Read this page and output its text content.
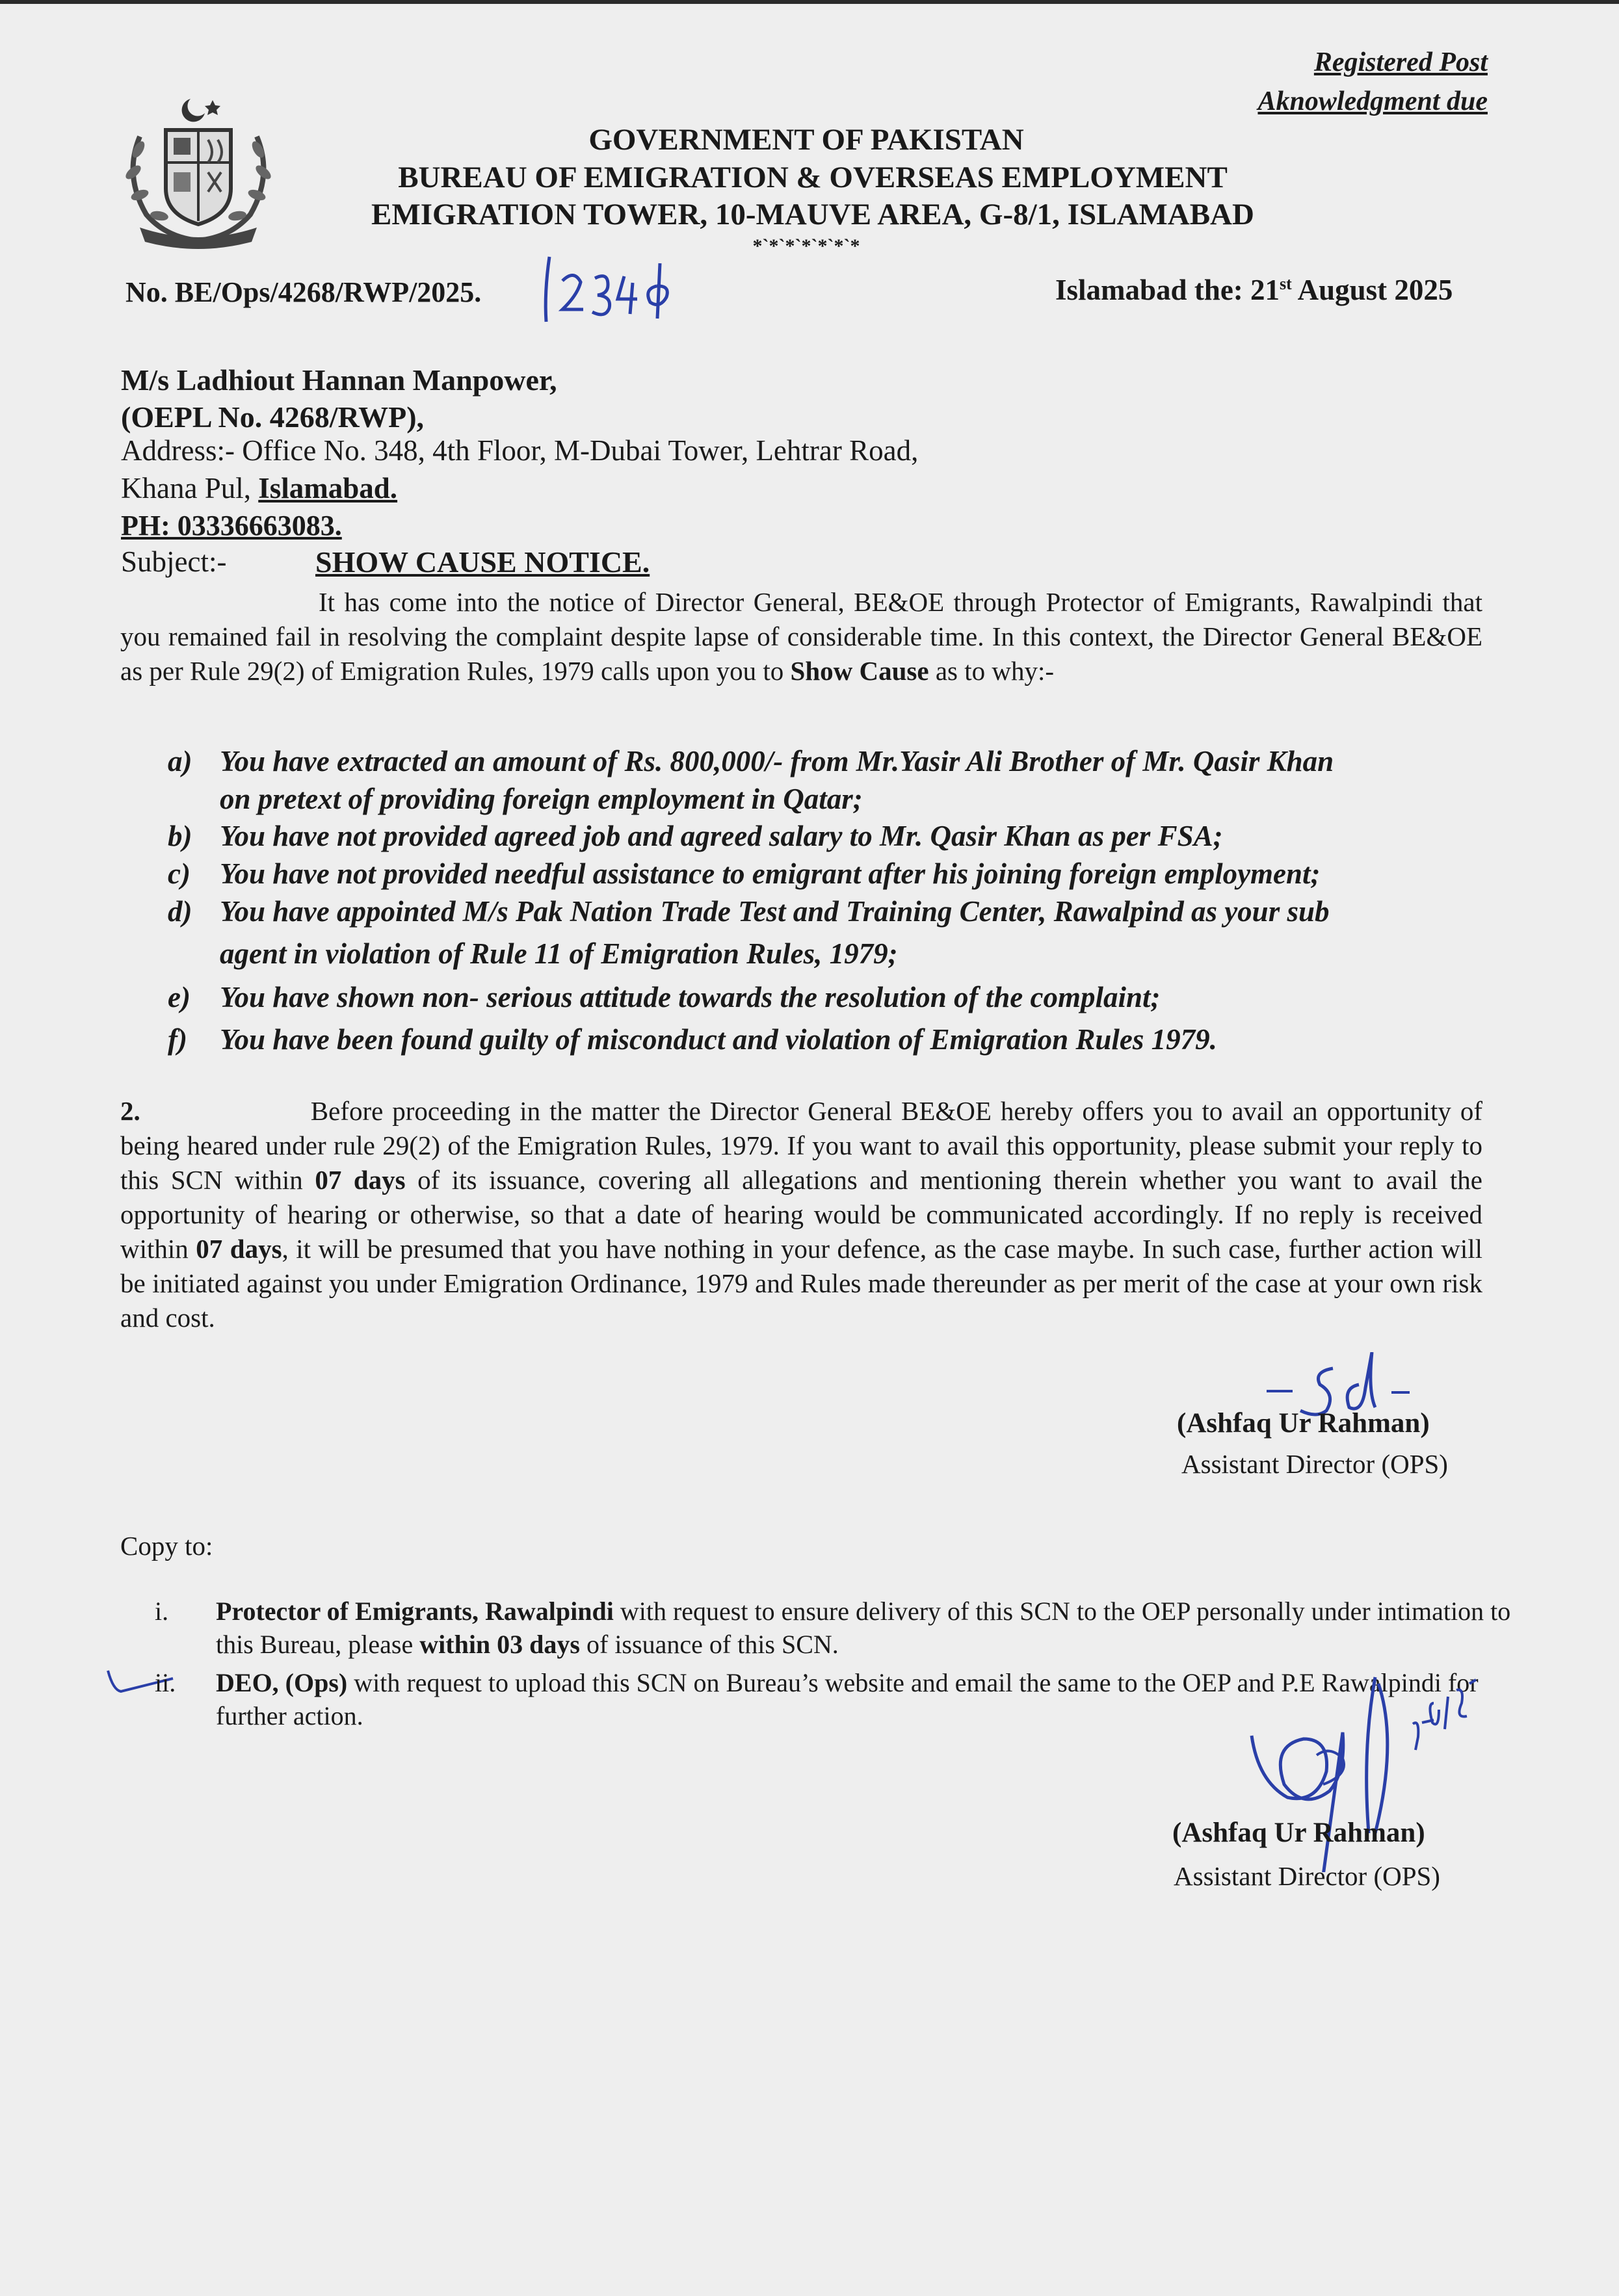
Registered Post
Aknowledgment due
GOVERNMENT OF PAKISTAN
BUREAU OF EMIGRATION & OVERSEAS EMPLOYMENT
EMIGRATION TOWER, 10-MAUVE AREA, G-8/1, ISLAMABAD
*`*`*`*`*`*`*
No. BE/Ops/4268/RWP/2025.	Islamabad the: 21st August 2025
M/s Ladhiout Hannan Manpower,
(OEPL No. 4268/RWP),
Address:- Office No. 348, 4th Floor, M-Dubai Tower, Lehtrar Road,
Khana Pul, Islamabad.
PH: 03336663083.
Subject:-	SHOW CAUSE NOTICE.
It has come into the notice of Director General, BE&OE through Protector of Emigrants, Rawalpindi that you remained fail in resolving the complaint despite lapse of considerable time. In this context, the Director General BE&OE as per Rule 29(2) of Emigration Rules, 1979 calls upon you to Show Cause as to why:-
a) You have extracted an amount of Rs. 800,000/- from Mr.Yasir Ali Brother of Mr. Qasir Khan
on pretext of providing foreign employment in Qatar;
b) You have not provided agreed job and agreed salary to Mr. Qasir Khan as per FSA;
c) You have not provided needful assistance to emigrant after his joining foreign employment;
d) You have appointed M/s Pak Nation Trade Test and Training Center, Rawalpind as your sub
agent in violation of Rule 11 of Emigration Rules, 1979;
e) You have shown non- serious attitude towards the resolution of the complaint;
f) You have been found guilty of misconduct and violation of Emigration Rules 1979.
2.	Before proceeding in the matter the Director General BE&OE hereby offers you to avail an opportunity of being heared under rule 29(2) of the Emigration Rules, 1979. If you want to avail this opportunity, please submit your reply to this SCN within 07 days of its issuance, covering all allegations and mentioning therein whether you want to avail the opportunity of hearing or otherwise, so that a date of hearing would be communicated accordingly. If no reply is received within 07 days, it will be presumed that you have nothing in your defence, as the case maybe. In such case, further action will be initiated against you under Emigration Ordinance, 1979 and Rules made thereunder as per merit of the case at your own risk and cost.
(Ashfaq Ur Rahman)
Assistant Director (OPS)
Copy to:
i. Protector of Emigrants, Rawalpindi with request to ensure delivery of this SCN to the OEP personally under intimation to this Bureau, please within 03 days of issuance of this SCN.
ii. DEO, (Ops) with request to upload this SCN on Bureau’s website and email the same to the OEP and P.E Rawalpindi for further action.
(Ashfaq Ur Rahman)
Assistant Director (OPS)
